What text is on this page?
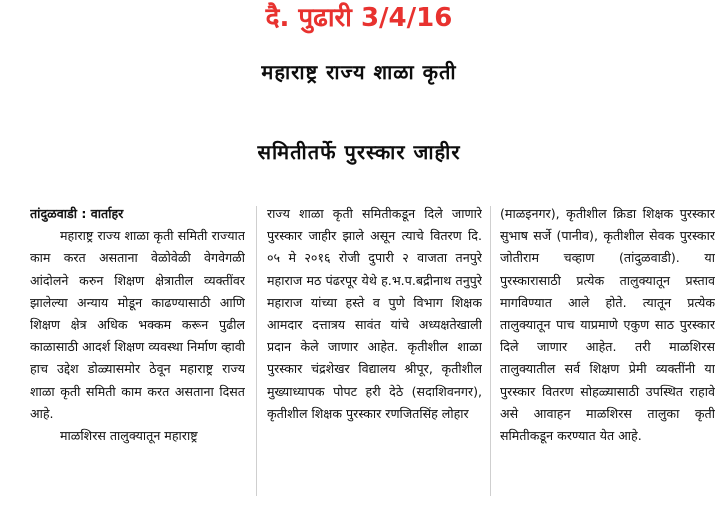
दै. पुढारी 3/4/16
महाराष्ट्र राज्य शाळा कृती
समितीतर्फे पुरस्कार जाहीर

तांदुळवाडी : वार्ताहर

महाराष्ट्र राज्य शाळा कृती समिती राज्यात काम करत असताना वेळोवेळी वेगवेगळी आंदोलने करुन शिक्षण क्षेत्रातील व्यक्तींवर झालेल्या अन्याय मोडून काढण्यासाठी आणि शिक्षण क्षेत्र अधिक भक्कम करून पुढील काळासाठी आदर्श शिक्षण व्यवस्था निर्माण व्हावी हाच उद्देश डोळ्यासमोर ठेवून महाराष्ट्र राज्य शाळा कृती समिती काम करत असताना दिसत आहे.

माळशिरस तालुक्यातून महाराष्ट्र

राज्य शाळा कृती समितीकडून दिले जाणारे पुरस्कार जाहीर झाले असून त्याचे वितरण दि. ०५ मे २०१६ रोजी दुपारी २ वाजता तनपुरे महाराज मठ पंढरपूर येथे ह.भ.प.बद्रीनाथ तनुपुरे महाराज यांच्या हस्ते व पुणे विभाग शिक्षक आमदार दत्तात्रय सावंत यांचे अध्यक्षतेखाली प्रदान केले जाणार आहेत. कृतीशील शाळा पुरस्कार चंद्रशेखर विद्यालय श्रीपूर, कृतीशील मुख्याध्यापक पोपट हरी देठे (सदाशिवनगर), कृतीशील शिक्षक पुरस्कार रणजितसिंह लोहार

(माळइनगर), कृतीशील क्रिडा शिक्षक पुरस्कार सुभाष सर्जे (पानीव), कृतीशील सेवक पुरस्कार जोतीराम चव्हाण (तांदुळवाडी). या पुरस्कारासाठी प्रत्येक तालुक्यातून प्रस्ताव मागविण्यात आले होते. त्यातून प्रत्येक तालुक्यातून पाच याप्रमाणे एकुण साठ पुरस्कार दिले जाणार आहेत. तरी माळशिरस तालुक्यातील सर्व शिक्षण प्रेमी व्यक्तींनी या पुरस्कार वितरण सोहळ्यासाठी उपस्थित राहावे असे आवाहन माळशिरस तालुका कृती समितीकडून करण्यात येत आहे.
